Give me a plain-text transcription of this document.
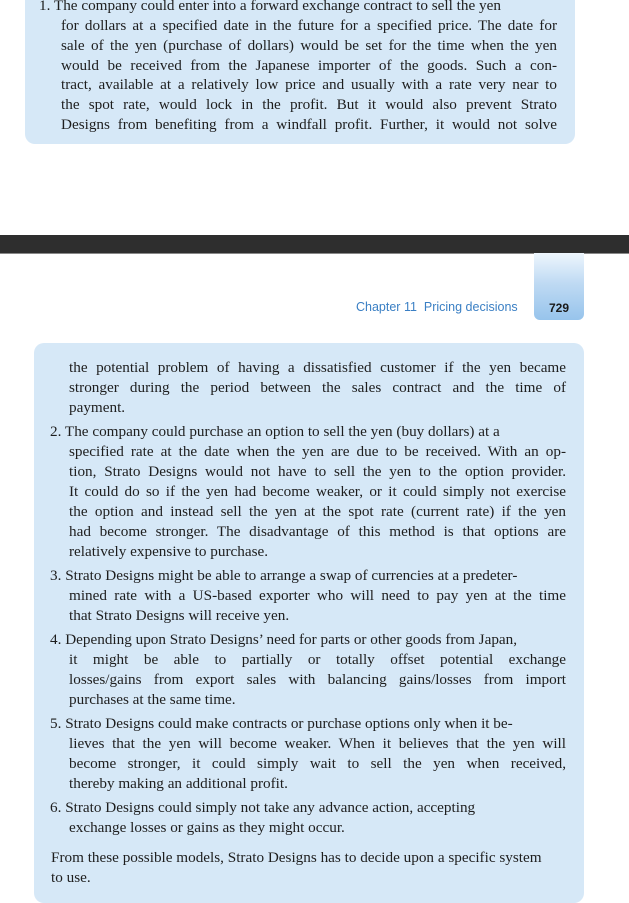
1. The company could enter into a forward exchange contract to sell the yen
for dollars at a specified date in the future for a specified price. The date for
sale of the yen (purchase of dollars) would be set for the time when the yen
would be received from the Japanese importer of the goods. Such a con-
tract, available at a relatively low price and usually with a rate very near to
the spot rate, would lock in the profit. But it would also prevent Strato
Designs from benefiting from a windfall profit. Further, it would not solve
729
Chapter 11 Pricing decisions
the potential problem of having a dissatisfied customer if the yen became
stronger during the period between the sales contract and the time of
payment.
2. The company could purchase an option to sell the yen (buy dollars) at a
specified rate at the date when the yen are due to be received. With an op-
tion, Strato Designs would not have to sell the yen to the option provider.
It could do so if the yen had become weaker, or it could simply not exercise
the option and instead sell the yen at the spot rate (current rate) if the yen
had become stronger. The disadvantage of this method is that options are
relatively expensive to purchase.
3. Strato Designs might be able to arrange a swap of currencies at a predeter-
mined rate with a US-based exporter who will need to pay yen at the time
that Strato Designs will receive yen.
4. Depending upon Strato Designs’ need for parts or other goods from Japan,
it might be able to partially or totally offset potential exchange
losses/gains from export sales with balancing gains/losses from import
purchases at the same time.
5. Strato Designs could make contracts or purchase options only when it be-
lieves that the yen will become weaker. When it believes that the yen will
become stronger, it could simply wait to sell the yen when received,
thereby making an additional profit.
6. Strato Designs could simply not take any advance action, accepting
exchange losses or gains as they might occur.
From these possible models, Strato Designs has to decide upon a specific system
to use.
